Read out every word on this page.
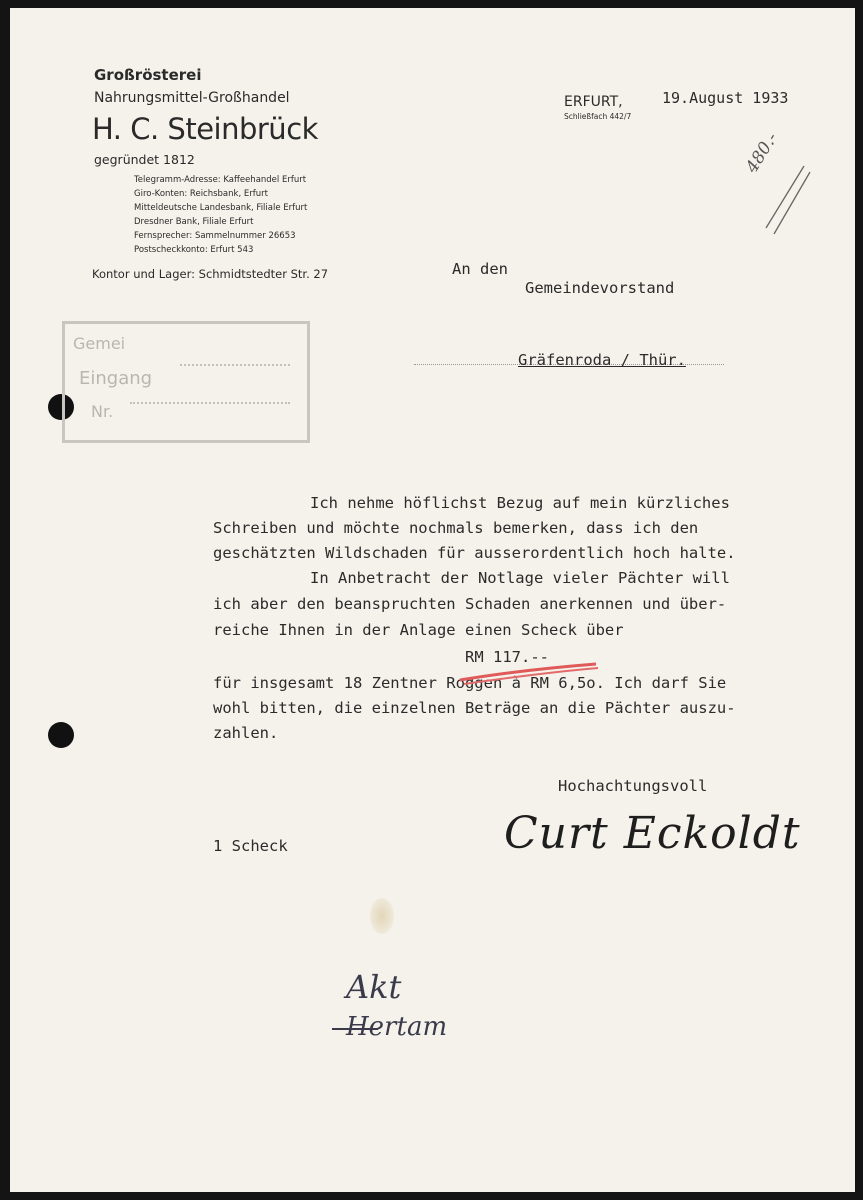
Großrösterei
Nahrungsmittel-Großhandel
H. C. Steinbrück
gegründet 1812
Telegramm-Adresse: Kaffeehandel Erfurt
Giro-Konten: Reichsbank, Erfurt
Mitteldeutsche Landesbank, Filiale Erfurt
Dresdner Bank, Filiale Erfurt
Fernsprecher: Sammelnummer 26653
Postscheckkonto: Erfurt 543
Kontor und Lager: Schmidtstedter Str. 27
ERFURT,
Schließfach 442/7
19.August 1933
480.-
Gemei
Eingang
Nr.
An den
Gemeindevorstand
Gräfenroda / Thür.
Ich nehme höflichst Bezug auf mein kürzliches
Schreiben und möchte nochmals bemerken, dass ich den
geschätzten Wildschaden für ausserordentlich hoch halte.
In Anbetracht der Notlage vieler Pächter will
ich aber den beanspruchten Schaden anerkennen und über-
reiche Ihnen in der Anlage einen Scheck über
RM 117.--
für insgesamt 18 Zentner Roggen à RM 6,5o. Ich darf Sie
wohl bitten, die einzelnen Beträge an die Pächter auszu-
zahlen.
Hochachtungsvoll
Curt Eckoldt
1 Scheck
Akt
Hertam
